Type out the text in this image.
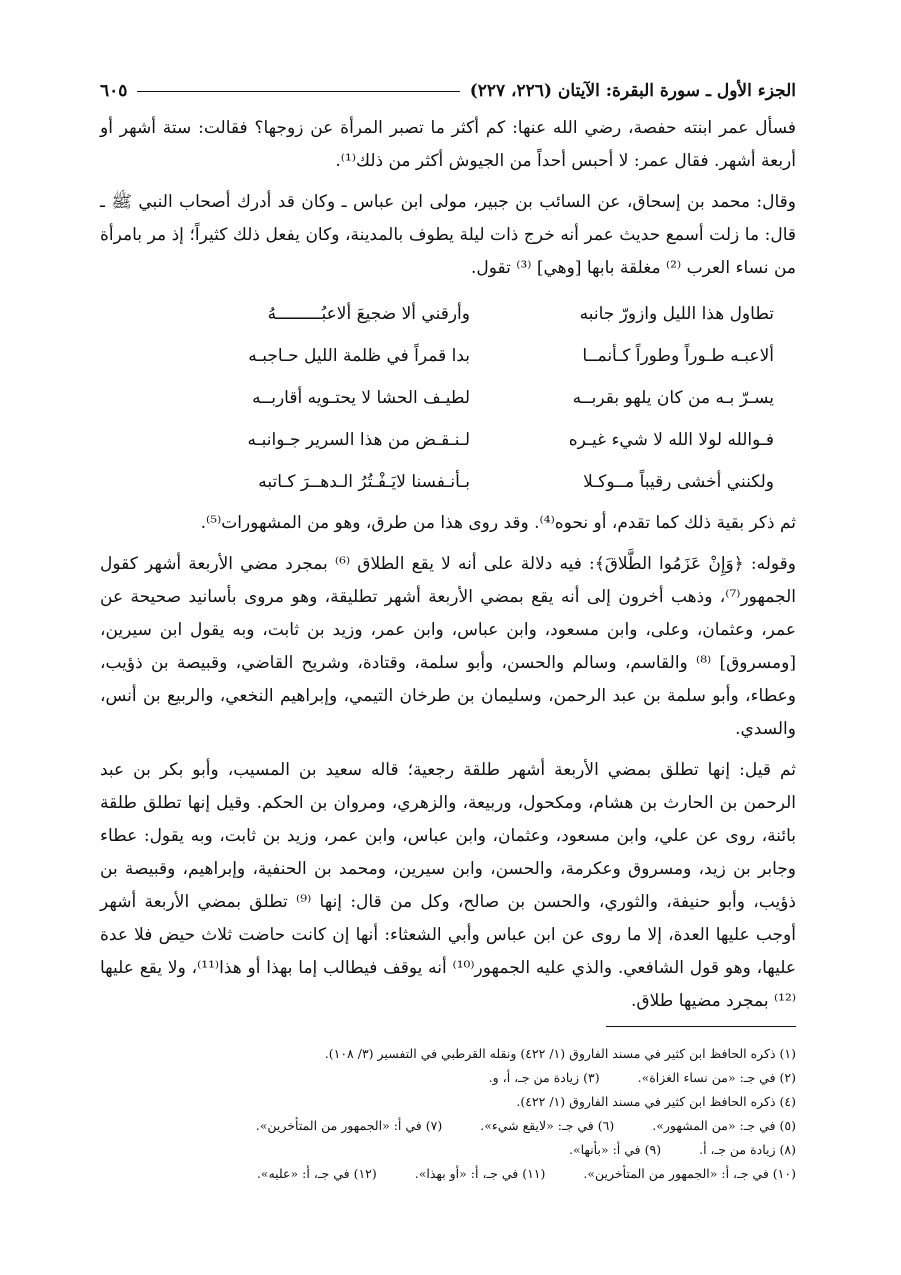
الجزء الأول ـ سورة البقرة: الآيتان (٢٢٦، ٢٢٧)
٦٠٥

فسأل عمر ابنته حفصة، رضي الله عنها: كم أكثر ما تصبر المرأة عن زوجها؟ فقالت: ستة أشهر أو أربعة أشهر. فقال عمر: لا أحبس أحداً من الجيوش أكثر من ذلك⁽¹⁾.

وقال: محمد بن إسحاق، عن السائب بن جبير، مولى ابن عباس ـ وكان قد أدرك أصحاب النبي ﷺ ـ قال: ما زلت أسمع حديث عمر أنه خرج ذات ليلة يطوف بالمدينة، وكان يفعل ذلك كثيراً؛ إذ مر بامرأة من نساء العرب ⁽²⁾ مغلقة بابها [وهي] ⁽³⁾ تقول.

تطاول هذا الليل وازورّ جانبه
وأرقني ألا ضجيعَ ألاعبُـــــــــهُ
ألاعبـه طـوراً وطوراً كـأنمــا
بدا قمراً في ظلمة الليل حـاجبـه
يسـرّ بـه من كان يلهو بقربــه
لطيـف الحشا لا يحتـويه أقاربــه
فـوالله لولا الله لا شيء غيـره
لـنـقـض من هذا السرير جـوانبـه
ولكنني أخشى رقيباً مــوكـلا
بـأنـفسنا لايَـفْـتُرُ الـدهــرَ كـاتبه

ثم ذكر بقية ذلك كما تقدم، أو نحوه⁽⁴⁾. وقد روى هذا من طرق، وهو من المشهورات⁽⁵⁾.

وقوله: ﴿وَإِنْ عَزَمُوا الطَّلاقَ﴾: فيه دلالة على أنه لا يقع الطلاق ⁽⁶⁾ بمجرد مضي الأربعة أشهر كقول الجمهور⁽⁷⁾، وذهب أخرون إلى أنه يقع بمضي الأربعة أشهر تطليقة، وهو مروى بأسانيد صحيحة عن عمر، وعثمان، وعلى، وابن مسعود، وابن عباس، وابن عمر، وزيد بن ثابت، وبه يقول ابن سيرين، [ومسروق] ⁽⁸⁾ والقاسم، وسالم والحسن، وأبو سلمة، وقتادة، وشريح القاضي، وقبيصة بن ذؤيب، وعطاء، وأبو سلمة بن عبد الرحمن، وسليمان بن طرخان التيمي، وإبراهيم النخعي، والربيع بن أنس، والسدي.

ثم قيل: إنها تطلق بمضي الأربعة أشهر طلقة رجعية؛ قاله سعيد بن المسيب، وأبو بكر بن عبد الرحمن بن الحارث بن هشام، ومكحول، وربيعة، والزهري، ومروان بن الحكم. وقيل إنها تطلق طلقة بائنة، روى عن علي، وابن مسعود، وعثمان، وابن عباس، وابن عمر، وزيد بن ثابت، وبه يقول: عطاء وجابر بن زيد، ومسروق وعكرمة، والحسن، وابن سيرين، ومحمد بن الحنفية، وإبراهيم، وقبيصة بن ذؤيب، وأبو حنيفة، والثوري، والحسن بن صالح، وكل من قال: إنها ⁽⁹⁾ تطلق بمضي الأربعة أشهر أوجب عليها العدة، إلا ما روى عن ابن عباس وأبي الشعثاء: أنها إن كانت حاضت ثلاث حيض فلا عدة عليها، وهو قول الشافعي. والذي عليه الجمهور⁽¹⁰⁾ أنه يوقف فيطالب إما بهذا أو هذا⁽¹¹⁾، ولا يقع عليها ⁽¹²⁾ بمجرد مضيها طلاق.

(١) ذكره الحافظ ابن كثير في مسند الفاروق (١/ ٤٢٢) ونقله القرطبي في التفسير (٣/ ١٠٨).
(٢) في جـ: «من نساء الغزاة».
(٣) زيادة من جـ، أ، و.
(٤) ذكره الحافظ ابن كثير في مسند الفاروق (١/ ٤٢٢).
(٥) في جـ: «من المشهور».
(٦) في جـ: «لايقع شيء».
(٧) في أ: «الجمهور من المتأخرين».
(٨) زيادة من جـ، أ.
(٩) في أ: «بأنها».
(١٠) في جـ، أ: «الجمهور من المتأخرين».
(١١) في جـ، أ: «أو بهذا».
(١٢) في جـ، أ: «عليه».
